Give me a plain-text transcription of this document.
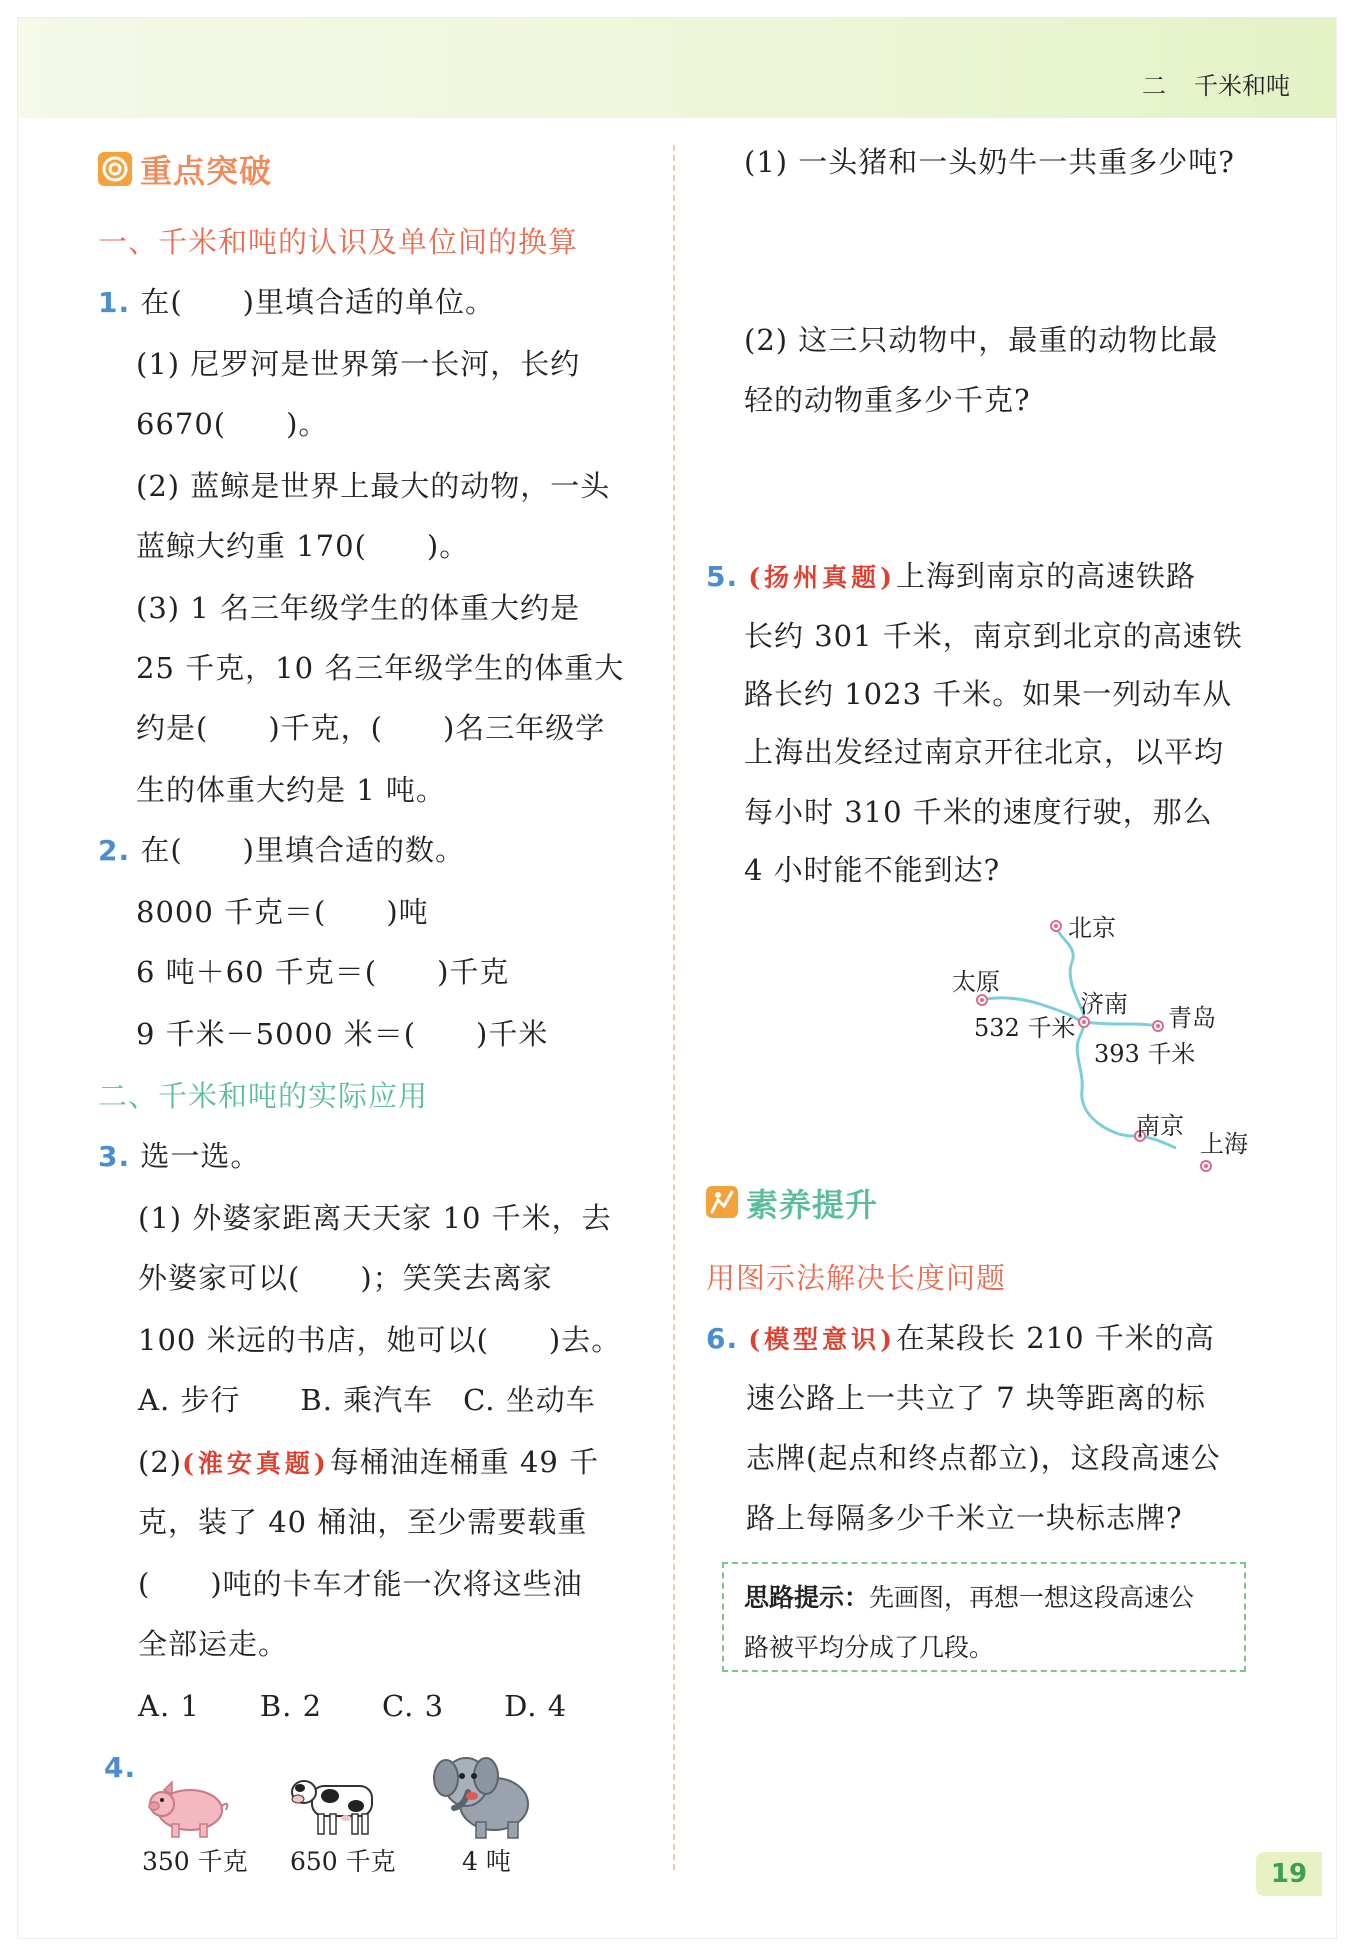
二 千米和吨
重点突破
一、千米和吨的认识及单位间的换算
1. 在(　　)里填合适的单位。
(1) 尼罗河是世界第一长河，长约
6670(　　)。
(2) 蓝鲸是世界上最大的动物，一头
蓝鲸大约重 170(　　)。
(3) 1 名三年级学生的体重大约是
25 千克，10 名三年级学生的体重大
约是(　　)千克，(　　)名三年级学
生的体重大约是 1 吨。
2. 在(　　)里填合适的数。
8000 千克＝(　　)吨
6 吨＋60 千克＝(　　)千克
9 千米－5000 米＝(　　)千米
二、千米和吨的实际应用
3. 选一选。
(1) 外婆家距离天天家 10 千米，去
外婆家可以(　　)；笑笑去离家
100 米远的书店，她可以(　　)去。
A. 步行　　B. 乘汽车　C. 坐动车
(2)(淮安真题)每桶油连桶重 49 千
克，装了 40 桶油，至少需要载重
(　　)吨的卡车才能一次将这些油
全部运走。
A. 1　　B. 2　　C. 3　　D. 4
4.
350 千克 650 千克	4 吨
(1) 一头猪和一头奶牛一共重多少吨?
(2) 这三只动物中，最重的动物比最
轻的动物重多少千克?
5. (扬州真题)上海到南京的高速铁路
长约 301 千米，南京到北京的高速铁
路长约 1023 千米。如果一列动车从
上海出发经过南京开往北京，以平均
每小时 310 千米的速度行驶，那么
4 小时能不能到达?
北京
太原
济南 青岛
532 千米
393 千米
南京
上海
素养提升
用图示法解决长度问题
6. (模型意识)在某段长 210 千米的高
速公路上一共立了 7 块等距离的标
志牌(起点和终点都立)，这段高速公
路上每隔多少千米立一块标志牌?
思路提示：先画图，再想一想这段高速公
路被平均分成了几段。
19
